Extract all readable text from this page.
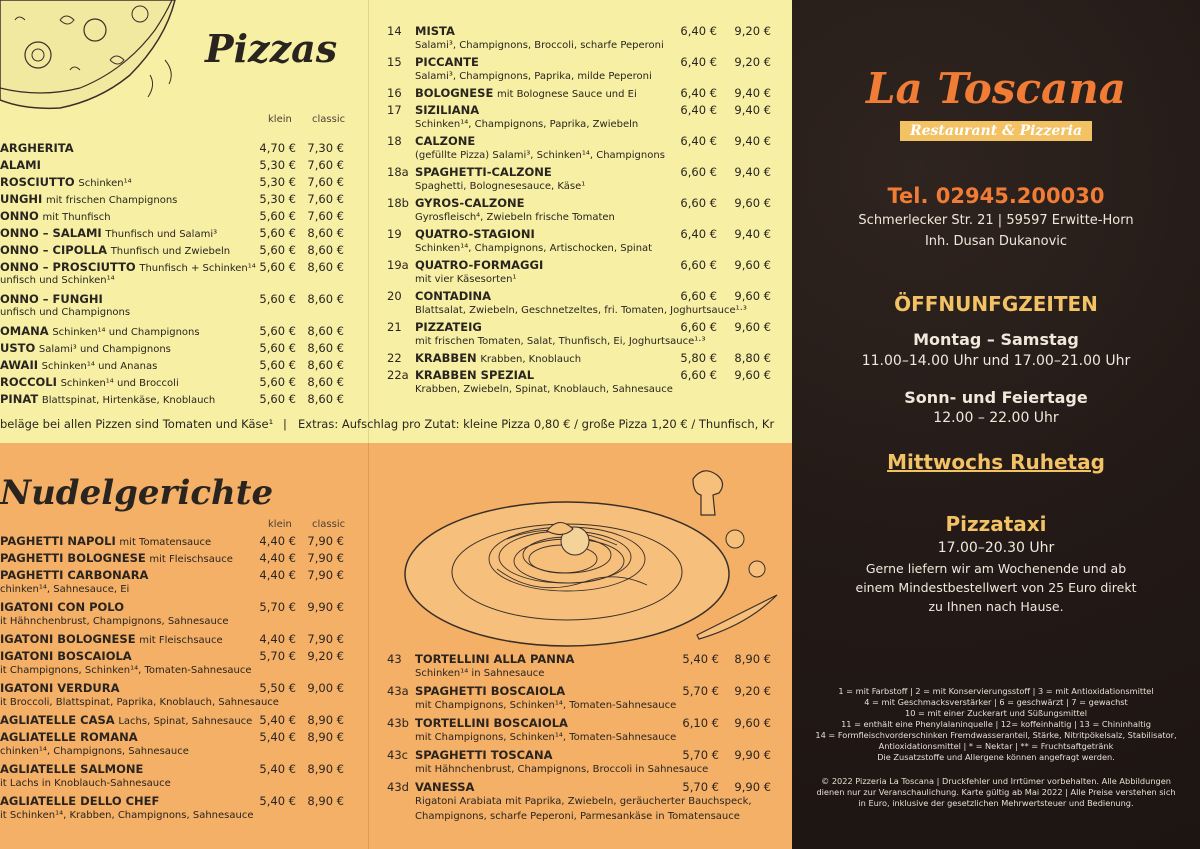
Pizzas
klein classic
ARGHERITA	4,70 € 7,30 €
ALAMI	5,30 € 7,60 €
ROSCIUTTO Schinken¹⁴	5,30 € 7,60 €
UNGHI mit frischen Champignons	5,30 € 7,60 €
ONNO mit Thunfisch	5,60 € 7,60 €
ONNO – SALAMI Thunfisch und Salami³	5,60 € 8,60 €
ONNO – CIPOLLA Thunfisch und Zwiebeln	5,60 € 8,60 €
ONNO – PROSCIUTTO Thunfisch + Schinken¹⁴ 5,60 € 8,60 €
unfisch und Schinken¹⁴
ONNO – FUNGHI	5,60 € 8,60 €
unfisch und Champignons
OMANA Schinken¹⁴ und Champignons	5,60 € 8,60 €
USTO Salami³ und Champignons	5,60 € 8,60 €
AWAII Schinken¹⁴ und Ananas	5,60 € 8,60 €
ROCCOLI Schinken¹⁴ und Broccoli	5,60 € 8,60 €
PINAT Blattspinat, Hirtenkäse, Knoblauch	5,60 € 8,60 €
14 MISTA	6,40 €	9,20 €
Salami³, Champignons, Broccoli, scharfe Peperoni
15 PICCANTE	6,40 €	9,20 €
Salami³, Champignons, Paprika, milde Peperoni
16 BOLOGNESE mit Bolognese Sauce und Ei	6,40 €	9,40 €
17 SIZILIANA	6,40 €	9,40 €
Schinken¹⁴, Champignons, Paprika, Zwiebeln
18 CALZONE	6,40 €	9,40 €
(gefüllte Pizza) Salami³, Schinken¹⁴, Champignons
18a SPAGHETTI-CALZONE	6,60 €	9,40 €
Spaghetti, Bolognesesauce, Käse¹
18b GYROS-CALZONE	6,60 €	9,60 €
Gyrosfleisch⁴, Zwiebeln frische Tomaten
19 QUATRO-STAGIONI	6,40 €	9,40 €
Schinken¹⁴, Champignons, Artischocken, Spinat
19a QUATRO-FORMAGGI	6,60 €	9,60 €
mit vier Käsesorten¹
20 CONTADINA	6,60 €	9,60 €
Blattsalat, Zwiebeln, Geschnetzeltes, fri. Tomaten, Joghurtsauce¹·³
21 PIZZATEIG	6,60 €	9,60 €
mit frischen Tomaten, Salat, Thunfisch, Ei, Joghurtsauce¹·³
22 KRABBEN Krabben, Knoblauch	5,80 €	8,80 €
22a KRABBEN SPEZIAL	6,60 €	9,60 €
Krabben, Zwiebeln, Spinat, Knoblauch, Sahnesauce
beläge bei allen Pizzen sind Tomaten und Käse¹ | Extras: Aufschlag pro Zutat: kleine Pizza 0,80 € / große Pizza 1,20 € / Thunfisch, Kr
Nudelgerichte
klein classic
PAGHETTI NAPOLI mit Tomatensauce	4,40 € 7,90 €
PAGHETTI BOLOGNESE mit Fleischsauce	4,40 € 7,90 €
PAGHETTI CARBONARA	4,40 € 7,90 €
chinken¹⁴, Sahnesauce, Ei
IGATONI CON POLO	5,70 € 9,90 €
it Hähnchenbrust, Champignons, Sahnesauce
IGATONI BOLOGNESE mit Fleischsauce	4,40 € 7,90 €
IGATONI BOSCAIOLA	5,70 € 9,20 €
it Champignons, Schinken¹⁴, Tomaten-Sahnesauce
IGATONI VERDURA	5,50 € 9,00 €
it Broccoli, Blattspinat, Paprika, Knoblauch, Sahnesauce
AGLIATELLE CASA Lachs, Spinat, Sahnesauce 5,40 € 8,90 €
AGLIATELLE ROMANA	5,40 € 8,90 €
chinken¹⁴, Champignons, Sahnesauce
AGLIATELLE SALMONE	5,40 € 8,90 €
it Lachs in Knoblauch-Sahnesauce
AGLIATELLE DELLO CHEF	5,40 € 8,90 €
it Schinken¹⁴, Krabben, Champignons, Sahnesauce
43 TORTELLINI ALLA PANNA	5,40 €	8,90 €
Schinken¹⁴ in Sahnesauce
43a SPAGHETTI BOSCAIOLA	5,70 €	9,20 €
mit Champignons, Schinken¹⁴, Tomaten-Sahnesauce
43b TORTELLINI BOSCAIOLA	6,10 €	9,60 €
mit Champignons, Schinken¹⁴, Tomaten-Sahnesauce
43c SPAGHETTI TOSCANA	5,70 €	9,90 €
mit Hähnchenbrust, Champignons, Broccoli in Sahnesauce
43d VANESSA	5,70 €	9,90 €
Rigatoni Arabiata mit Paprika, Zwiebeln, geräucherter Bauchspeck,
Champignons, scharfe Peperoni, Parmesankäse in Tomatensauce
La Toscana
Restaurant & Pizzeria
Tel. 02945.200030
Schmerlecker Str. 21 | 59597 Erwitte-Horn
Inh. Dusan Dukanovic
ÖFFNUNFGZEITEN
Montag – Samstag
11.00–14.00 Uhr und 17.00–21.00 Uhr
Sonn- und Feiertage
12.00 – 22.00 Uhr
Mittwochs Ruhetag
Pizzataxi
17.00–20.30 Uhr
Gerne liefern wir am Wochenende und ab
einem Mindestbestellwert von 25 Euro direkt
zu Ihnen nach Hause.
1 = mit Farbstoff | 2 = mit Konservierungsstoff | 3 = mit Antioxidationsmittel
4 = mit Geschmacksverstärker | 6 = geschwärzt | 7 = gewachst
10 = mit einer Zuckerart und Süßungsmittel
11 = enthält eine Phenylalaninquelle | 12= koffeinhaltig | 13 = Chininhaltig
14 = Formfleischvorderschinken Fremdwasseranteil, Stärke, Nitritpökelsalz, Stabilisator,
Antioxidationsmittel | * = Nektar | ** = Fruchtsaftgetränk
Die Zusatzstoffe und Allergene können angefragt werden.
© 2022 Pizzeria La Toscana | Druckfehler und Irrtümer vorbehalten. Alle Abbildungen
dienen nur zur Veranschaulichung. Karte gültig ab Mai 2022 | Alle Preise verstehen sich
in Euro, inklusive der gesetzlichen Mehrwertsteuer und Bedienung.
